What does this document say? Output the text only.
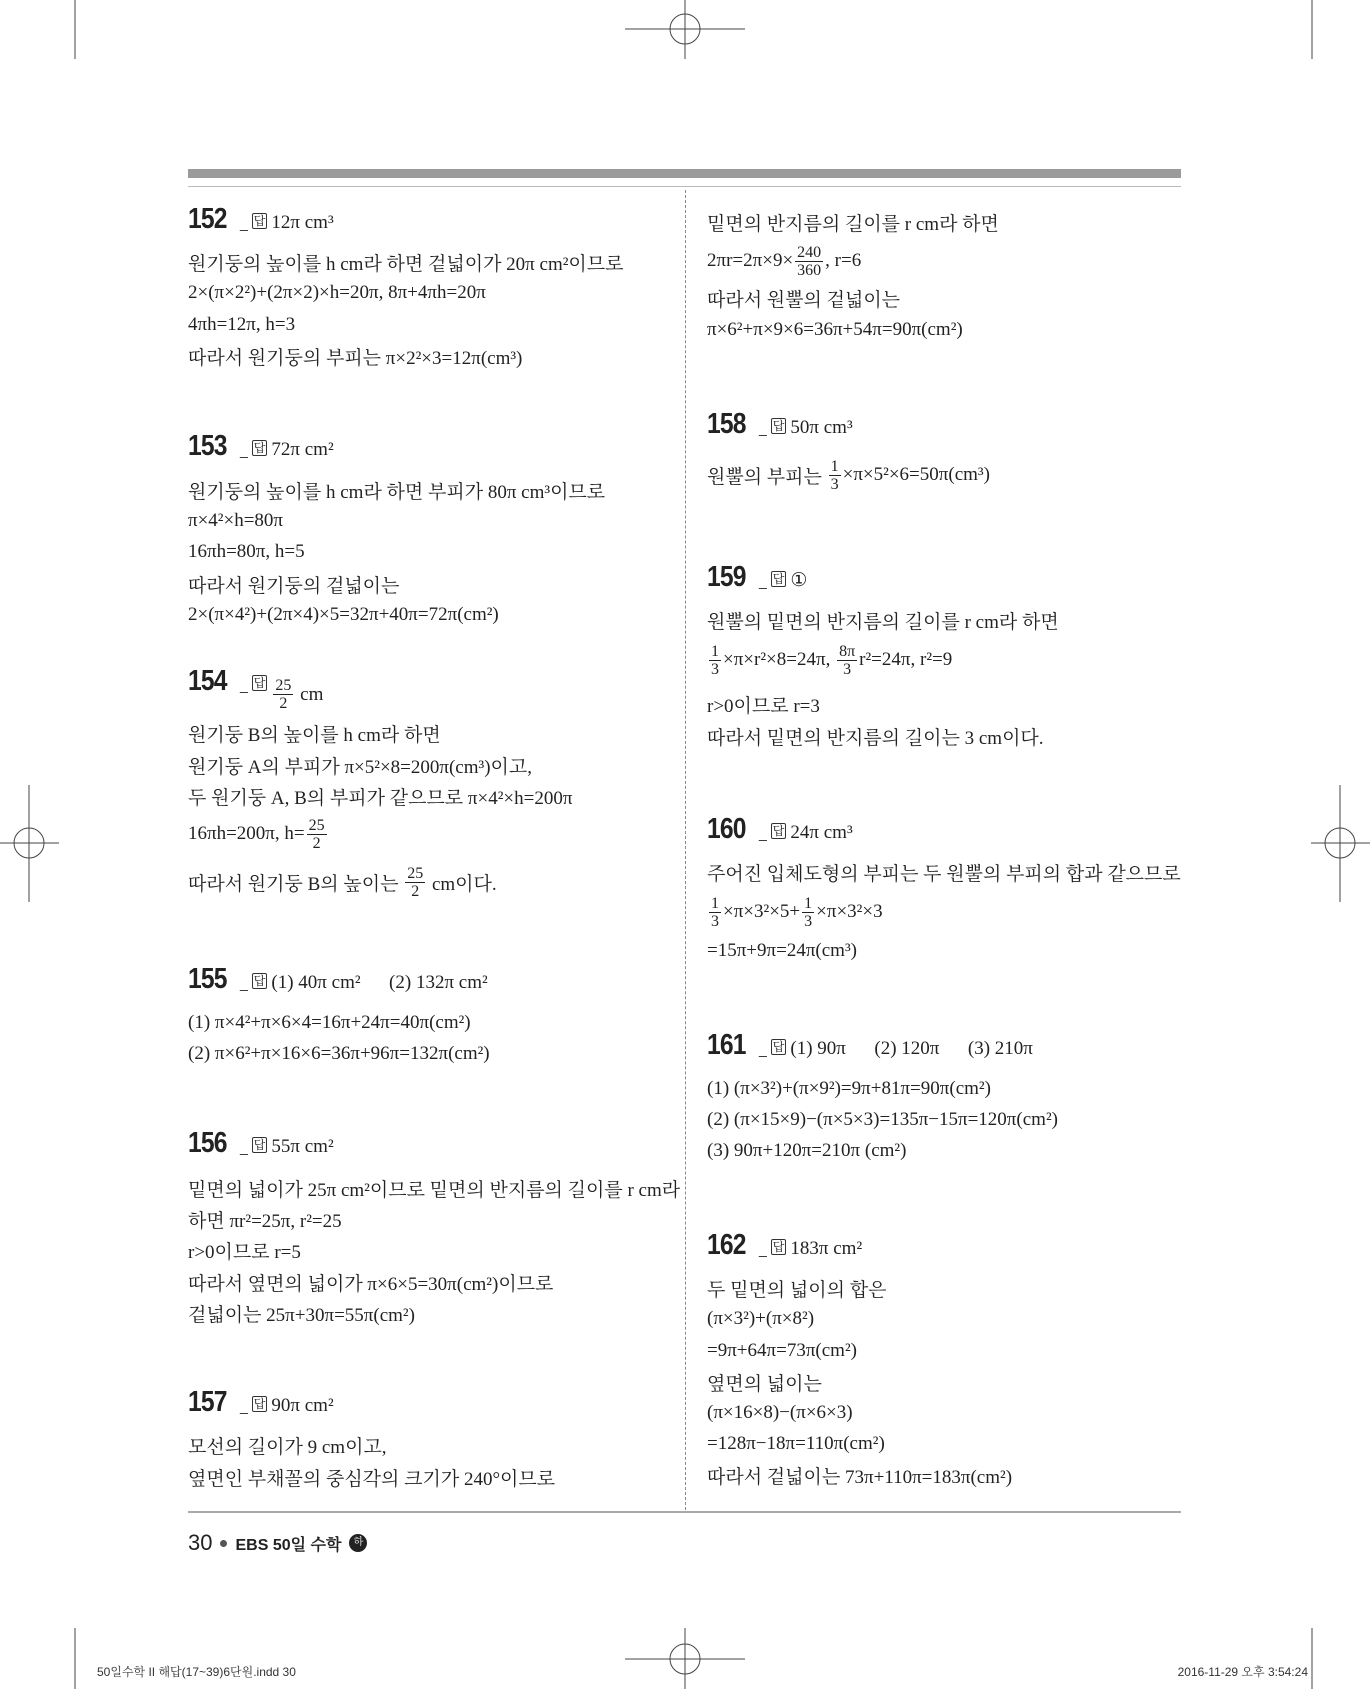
152 _ 답 12π cm³
원기둥의 높이를 h cm라 하면 겉넓이가 20π cm²이므로
2×(π×2²)+(2π×2)×h=20π, 8π+4πh=20π
4πh=12π, h=3
따라서 원기둥의 부피는 π×2²×3=12π(cm³)
153 _ 답 72π cm²
원기둥의 높이를 h cm라 하면 부피가 80π cm³이므로
π×4²×h=80π
16πh=80π, h=5
따라서 원기둥의 겉넓이는
2×(π×4²)+(2π×4)×5=32π+40π=72π(cm²)
154 _ 답 $\frac{25}{2}$ cm
원기둥 B의 높이를 h cm라 하면
원기둥 A의 부피가 π×5²×8=200π(cm³)이고,
두 원기둥 A, B의 부피가 같으므로 π×4²×h=200π
16πh=200π, $h= \frac{25}{2}$
따라서 원기둥 B의 높이는 $\frac{25}{2}$ cm이다.
155 _ 답 (1) 40π cm²      (2) 132π cm²
(1) π×4²+π×6×4=16π+24π=40π(cm²)
(2) π×6²+π×16×6=36π+96π=132π(cm²)
156 _ 답 55π cm²
밑면의 넓이가 25π cm²이므로 밑면의 반지름의 길이를 r cm라
하면 πr²=25π, r²=25
r>0이므로 r=5
따라서 옆면의 넓이가 π×6×5=30π(cm²)이므로
겉넓이는 25π+30π=55π(cm²)
157 _ 답 90π cm²
모선의 길이가 9 cm이고,
옆면인 부채꼴의 중심각의 크기가 240°이므로
밑면의 반지름의 길이를 r cm라 하면
$2\pi r=2\pi\times 9\times \frac{240}{360}$ , r=6
따라서 원뿔의 겉넓이는
π×6²+π×9×6=36π+54π=90π(cm²)
158 _ 답 50π cm³
원뿔의 부피는 $\frac{1}{3} \times\pi\times 5^2\times 6=50\pi(cm^3)$
159 _ 답 ①
원뿔의 밑면의 반지름의 길이를 r cm라 하면
$\frac{1}{3} \times\pi\times r^2\times 8=24\pi$, $\frac{8\pi}{3} r^2=24\pi$, r²=9
r>0이므로 r=3
따라서 밑면의 반지름의 길이는 3 cm이다.
160 _ 답 24π cm³
주어진 입체도형의 부피는 두 원뿔의 부피의 합과 같으므로
$\frac{1}{3} \times\pi\times 3^2\times 5+ \frac{1}{3} \times\pi\times 3^2\times 3$
=15π+9π=24π(cm³)
161 _ 답 (1) 90π      (2) 120π      (3) 210π
(1) (π×3²)+(π×9²)=9π+81π=90π(cm²)
(2) (π×15×9)−(π×5×3)=135π−15π=120π(cm²)
(3) 90π+120π=210π (cm²)
162 _ 답 183π cm²
두 밑면의 넓이의 합은
(π×3²)+(π×8²)
=9π+64π=73π(cm²)
옆면의 넓이는
(π×16×8)−(π×6×3)
=128π−18π=110π(cm²)
따라서 겉넓이는 73π+110π=183π(cm²)
30 EBS 50일 수학	하
50일수학 II 해답(17~39)6단원.indd 30	2016-11-29 오후 3:54:24
